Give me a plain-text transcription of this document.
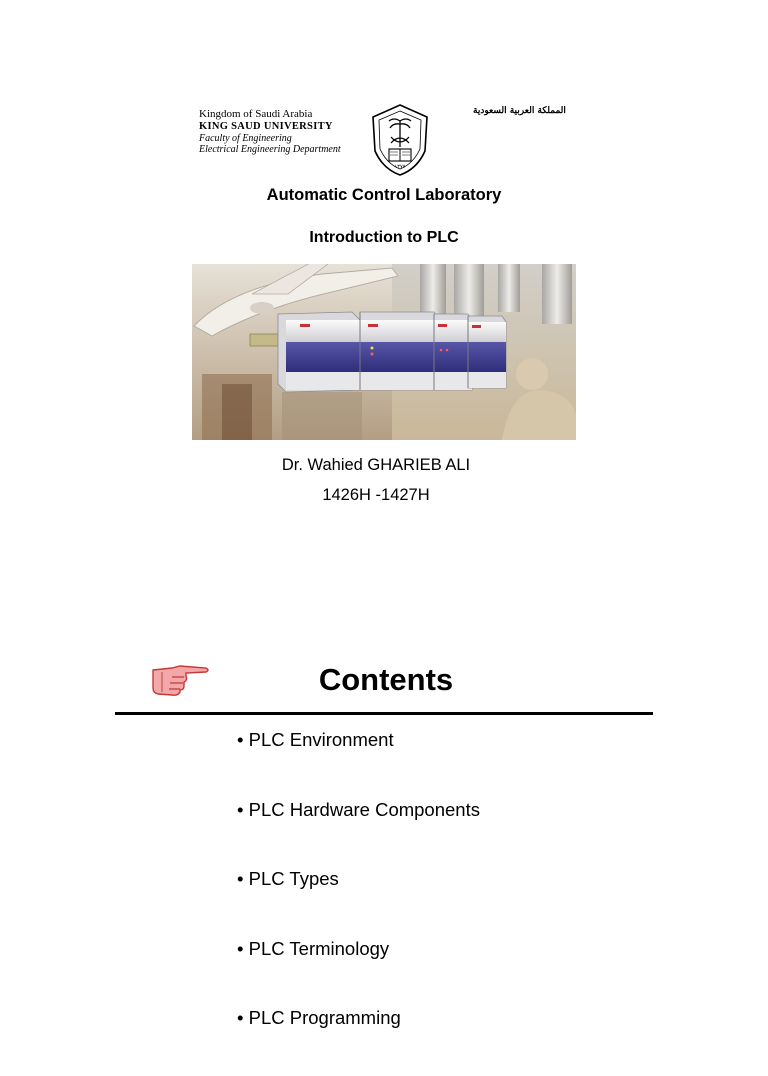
Kingdom of Saudi Arabia
KING SAUD UNIVERSITY
Faculty of Engineering
Electrical Engineering Department
١٣٧٧
المملكة العربية السعودية
Automatic Control Laboratory
Introduction to PLC
Dr. Wahied GHARIEB ALI
1426H -1427H
Contents
• PLC Environment
• PLC Hardware Components
• PLC Types
• PLC Terminology
• PLC Programming
